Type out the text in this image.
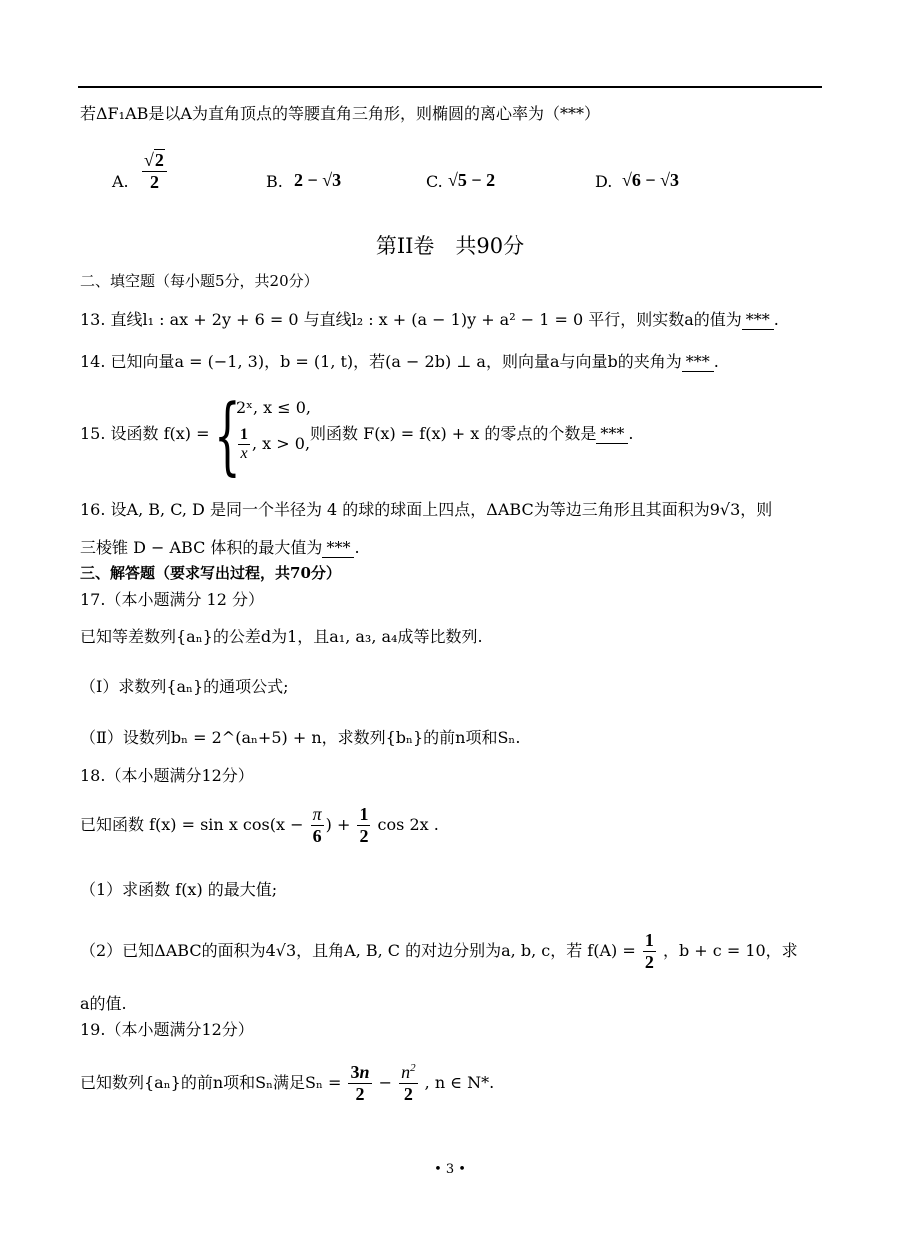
若ΔF₁AB是以A为直角顶点的等腰直角三角形，则椭圆的离心率为（***）
A. $\frac{√2}{2}$	B. 2 − √3	C. √5 − 2	D. √6 − √3
第II卷　共90分
二、填空题（每小题5分，共20分）
13. 直线l₁ : ax + 2y + 6 = 0 与直线l₂ : x + (a − 1)y + a² − 1 = 0 平行，则实数a的值为 *** .
14. 已知向量a = (−1, 3)，b = (1, t)，若(a − 2b) ⊥ a，则向量a与向量b的夹角为 *** .
15. 设函数 f(x) = {
2ˣ, x ≤ 0,
$\frac{1}{x}$ , x > 0,
则函数 F(x) = f(x) + x 的零点的个数是 *** .
16. 设A, B, C, D 是同一个半径为 4 的球的球面上四点，ΔABC为等边三角形且其面积为9√3，则
三棱锥 D − ABC 体积的最大值为 *** .
三、解答题（要求写出过程，共70分）
17.（本小题满分 12 分）
已知等差数列{aₙ}的公差d为1，且a₁, a₃, a₄成等比数列.
（Ⅰ）求数列{aₙ}的通项公式;
（Ⅱ）设数列bₙ = 2^(aₙ+5) + n，求数列{bₙ}的前n项和Sₙ.
18.（本小题满分12分）
已知函数 f(x) = sin x $\cos(x - \frac{\pi}{6}$ ) + $\frac{1}{2}$ cos 2x .
（1）求函数 f(x) 的最大值;
（2）已知ΔABC的面积为4√3，且角A, B, C 的对边分别为a, b, c，若 $f(A) = \frac{1}{2}$ ，b + c = 10，求
a的值.
19.（本小题满分12分）
已知数列{aₙ}的前n项和Sₙ满足$S_n = \frac{3n}{2} - \frac{n^2}{2}$ , n ∈ N*.
• 3 •
